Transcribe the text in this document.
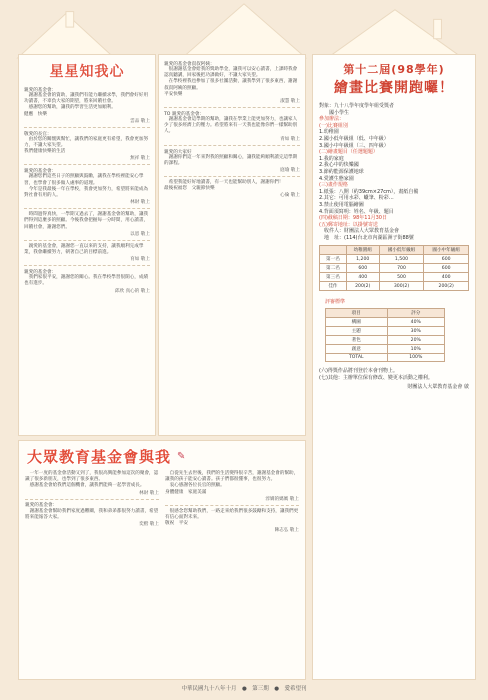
星星知我心
親愛的基金會：
　謝謝基金會的資助，讓我們有能力繼續求學，我們會好好用功讀書，不辜負大家的期望，將來回饋社會。
　感謝您的幫助，讓我的學習生活更加順利。
健應　快樂
雲品 敬上
敬愛的長官：
　由於您的關懷與幫忙，讓我們的家庭更有希望，我會更加努力，不讓大家失望。
我們健康快樂的生活
無祥 敬上
親愛的基金會：
　謝謝您們這些日子的照顧與鼓勵，讓我在學校裡能安心學習，也學會了很多做人處事的道理。
　今年是我最後一年在學校，我會更加努力，希望將來能成為對社會有用的人。
林財 敬上
　時間過得真快，一學期又過去了，謝謝基金會的幫助，讓我們得到這麼多的照顧。今後我會把握每一分時間，用心讀書，回饋社會，謝謝您們。
以恩 敬上
　親愛的基金會，謝謝您一直以來的支持，讓我順利完成學業，我會繼續努力，朝著自己的目標前進。
育如 敬上
親愛的基金會：
　我們家很平安，謝謝您的關心。我在學校學習很開心，成績也有進步。
邱欣 真心的 敬上
親愛的基金會叔叔阿姨：
　很謝謝基金會給我的獎助學金，讓我可以安心讀書，上課時我會認真聽講，回家後把功課做好，不讓大家失望。
　在學校裡我也參加了很多社團活動，讓我學到了很多東西，謝謝叔叔阿姨的照顧。
平安快樂
淑慧 敬上
TO 親愛的基金會：
　謝謝基金會這學期的幫助，讓我在學業上能更加努力，也讓家人少了很多經濟上的壓力。希望將來有一天我也能像你們一樣幫助別人。
青如 敬上
親愛的大家好
　謝謝你們這一年來對我的照顧和關心，讓我能夠順利讀完這學期的課程。
庭瑜 敬上
　希望我能好好地讀書，有一天也能幫助別人，謝謝你們！
最後祝福您　父親節快樂
心倫 敬上
大眾教育基金會與我 ✎
　一年一度的基金會活動又到了，我很高興能參加這次的聚會，認識了很多新朋友，也學到了很多東西。
　感謝基金會給我們這個機會，讓我們能夠一起學習成長。
林財 敬上
親愛的基金會：
　謝謝基金會幫助我們家度過難關，我和弟弟都很努力讀書，希望將來能報答大家。
奕楷 敬上
　自從先生去世後，我們的生活變得很辛苦，謝謝基金會的幫助，讓我的孩子能安心讀書。孩子們都很懂事，也很努力。
　衷心感謝各位長官的照顧。
身體健康　家庭美滿
淳嬌的媽媽 敬上
　很感念您幫助我們，一路走來給我們很多鼓勵和支持，讓我們更有信心面對未來。
敬祝　平安
陳志弘 敬上
第十二屆(98學年)
繪畫比賽開跑囉！
對象：九十八學年度學年組受獎者
　　國小學生
參加辦法：
(一)比賽組別
1.幼稚園
2.國小低年級組（低、中年級）
3.國小中年級組（三、四年級）
(二)繪畫題目（任選題題）
1.我的家庭
2.我心中的快樂國
3.節約能源保護地球
4.愛護生態家園
(三)畫作規格
1.紙張：八開（約39cm×27cm），畫紙自備
2.其它：可用水彩、蠟筆、粉彩…
3.禁止使用電腦繪圖
4.背面須寫明：姓名、年級、題目
(四)截稿日期：98年11月30日
(五)郵寄地址：以掛號寄送
　收件人：財團法人大眾教育基金會
　地　址：(114)台北市內湖區洲子街88號
	幼稚園組	國小低年級組	國小中年級組
第一名	1,200	1,500	600
第二名	600	700	600
第三名	400	500	400
佳作	200(2)	300(2)	200(2)
評審標準
項目	評分
構圖	40%
主題	30%
著色	20%
創意	10%
TOTAL	100%
(六)得獎作品將刊登於本會刊物上。
(七)其他：主辦單位保有修改、變更本活動之權利。
財團法人大眾教育基金會 啟
中華民國九十八年十月　●　第三期　●　愛希望刊
